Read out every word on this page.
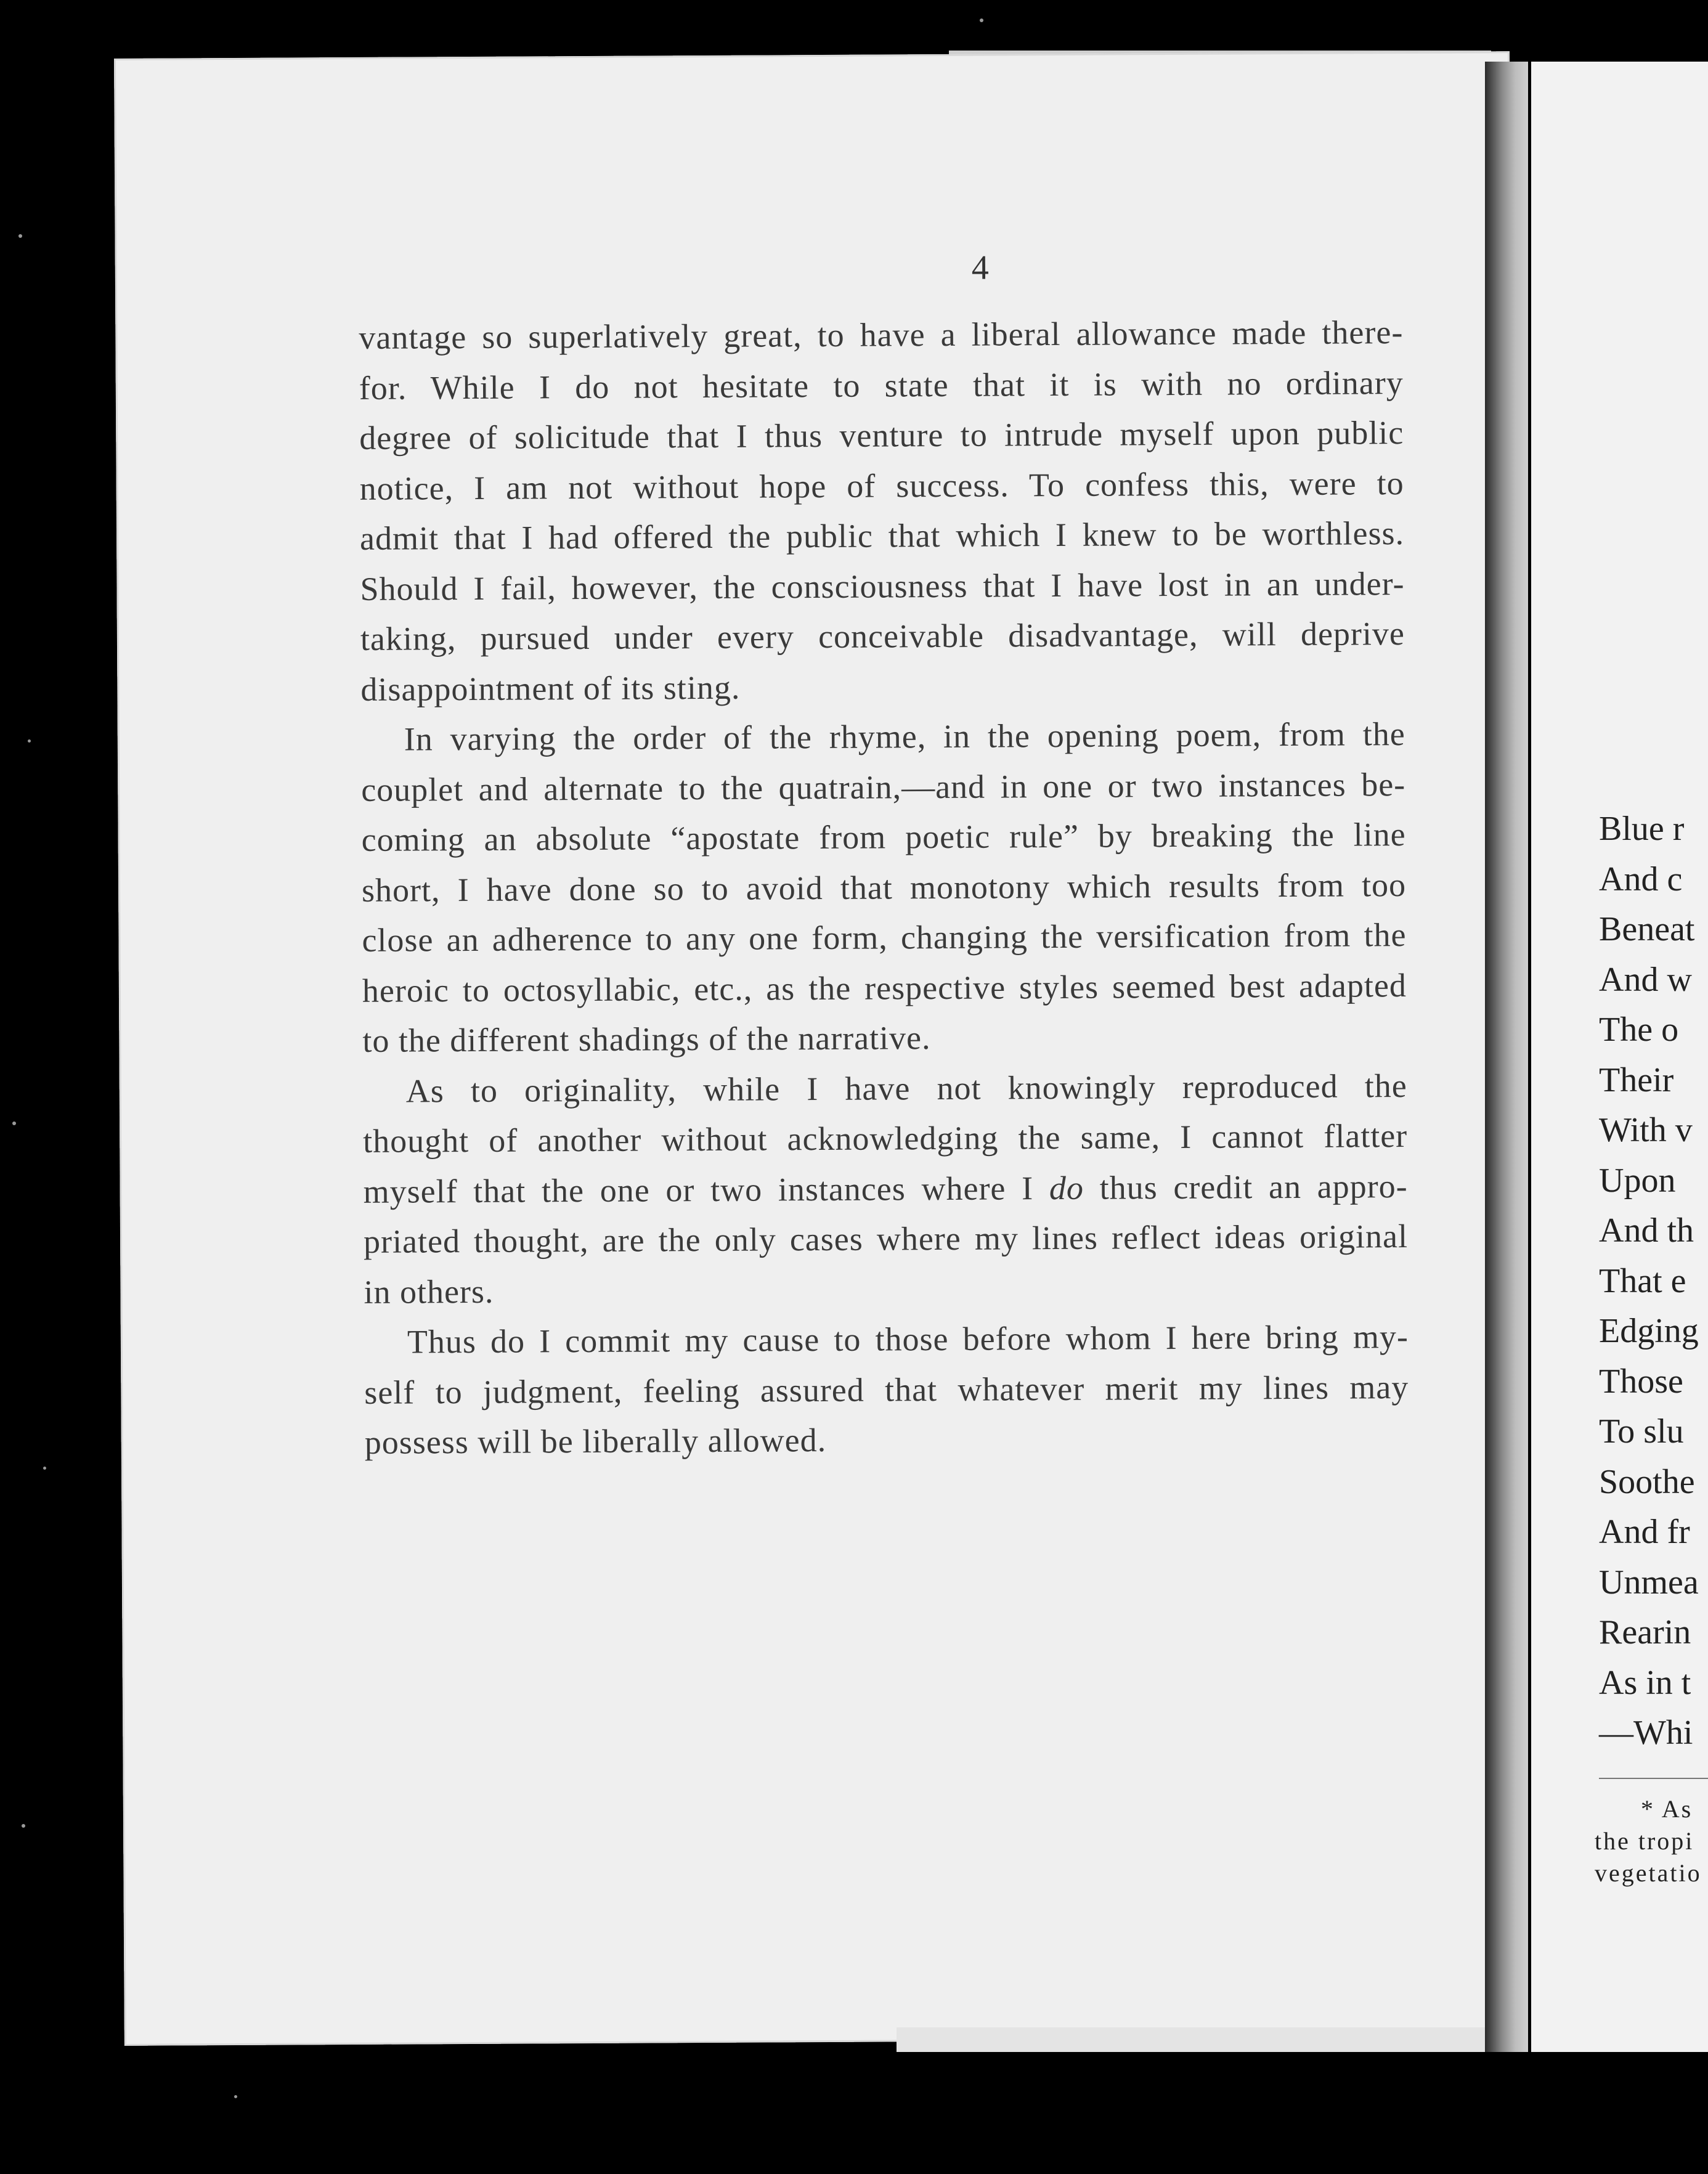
4
vantage so superlatively great, to have a liberal allowance made there-
for. While I do not hesitate to state that it is with no ordinary
degree of solicitude that I thus venture to intrude myself upon public
notice, I am not without hope of success. To confess this, were to
admit that I had offered the public that which I knew to be worthless.
Should I fail, however, the consciousness that I have lost in an under-
taking, pursued under every conceivable disadvantage, will deprive
disappointment of its sting.
In varying the order of the rhyme, in the opening poem, from the
couplet and alternate to the quatrain,—and in one or two instances be-
coming an absolute “apostate from poetic rule” by breaking the line
short, I have done so to avoid that monotony which results from too
close an adherence to any one form, changing the versification from the
heroic to octosyllabic, etc., as the respective styles seemed best adapted
to the different shadings of the narrative.
As to originality, while I have not knowingly reproduced the
thought of another without acknowledging the same, I cannot flatter
myself that the one or two instances where I do thus credit an appro-
priated thought, are the only cases where my lines reflect ideas original
in others.
Thus do I commit my cause to those before whom I here bring my-
self to judgment, feeling assured that whatever merit my lines may
possess will be liberally allowed.
Blue r
And c
Beneat
And w
The o
Their
With v
Upon
And th
That e
Edging
Those
To slu
Soothe
And fr
Unmea
Rearin
As in t
—Whi
* As
the tropi
vegetatio
